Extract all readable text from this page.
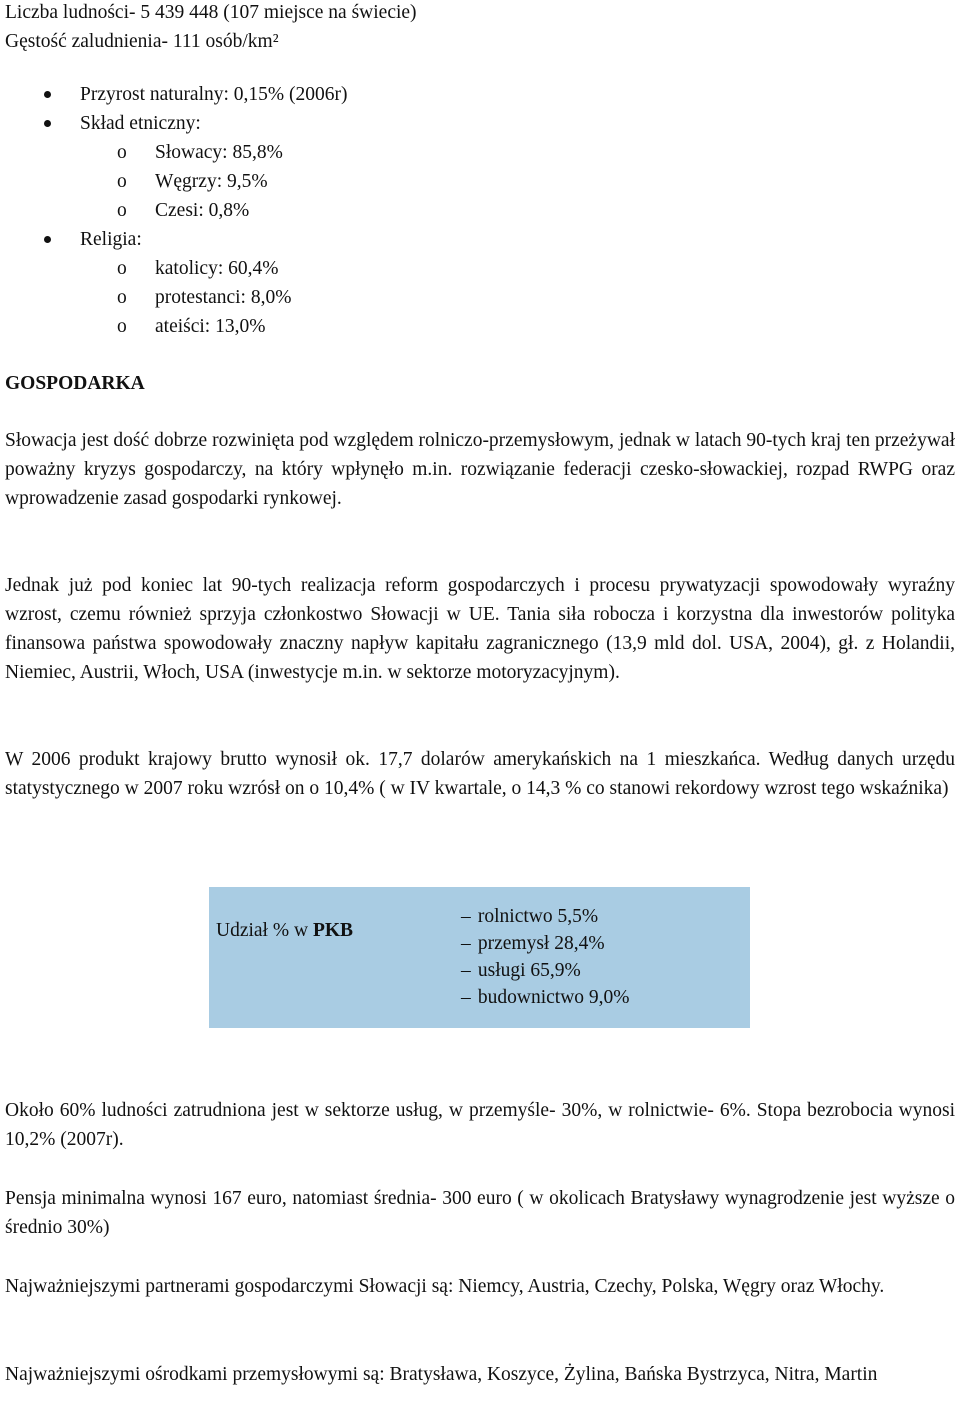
Liczba ludności- 5 439 448 (107 miejsce na świecie)
Gęstość zaludnienia- 111 osób/km²
Przyrost naturalny: 0,15% (2006r)
Skład etniczny:
o Słowacy: 85,8%
o Węgrzy: 9,5%
o Czesi: 0,8%
Religia:
o katolicy: 60,4%
o protestanci: 8,0%
o ateiści: 13,0%
GOSPODARKA

Słowacja jest dość dobrze rozwinięta pod względem rolniczo-przemysłowym, jednak w latach 90-tych kraj ten przeżywał poważny kryzys gospodarczy, na który wpłynęło m.in. rozwiązanie federacji czesko-słowackiej, rozpad RWPG oraz wprowadzenie zasad gospodarki rynkowej.

Jednak już pod koniec lat 90-tych realizacja reform gospodarczych i procesu prywatyzacji spowodowały wyraźny wzrost, czemu również sprzyja członkostwo Słowacji w UE. Tania siła robocza i korzystna dla inwestorów polityka finansowa państwa spowodowały znaczny napływ kapitału zagranicznego (13,9 mld dol. USA, 2004), gł. z Holandii, Niemiec, Austrii, Włoch, USA (inwestycje m.in. w sektorze motoryzacyjnym).

W 2006 produkt krajowy brutto wynosił ok. 17,7 dolarów amerykańskich na 1 mieszkańca. Według danych urzędu statystycznego w 2007 roku wzrósł on o 10,4% ( w IV kwartale, o 14,3 % co stanowi rekordowy wzrost tego wskaźnika)

Udział % w PKB
– rolnictwo 5,5%
– przemysł 28,4%
– usługi 65,9%
– budownictwo 9,0%

Około 60% ludności zatrudniona jest w sektorze usług, w przemyśle- 30%, w rolnictwie- 6%. Stopa bezrobocia wynosi 10,2% (2007r).

Pensja minimalna wynosi 167 euro, natomiast średnia- 300 euro ( w okolicach Bratysławy wynagrodzenie jest wyższe o średnio 30%)

Najważniejszymi partnerami gospodarczymi Słowacji są: Niemcy, Austria, Czechy, Polska, Węgry oraz Włochy.

Najważniejszymi ośrodkami przemysłowymi są: Bratysława, Koszyce, Żylina, Bańska Bystrzyca, Nitra, Martin
